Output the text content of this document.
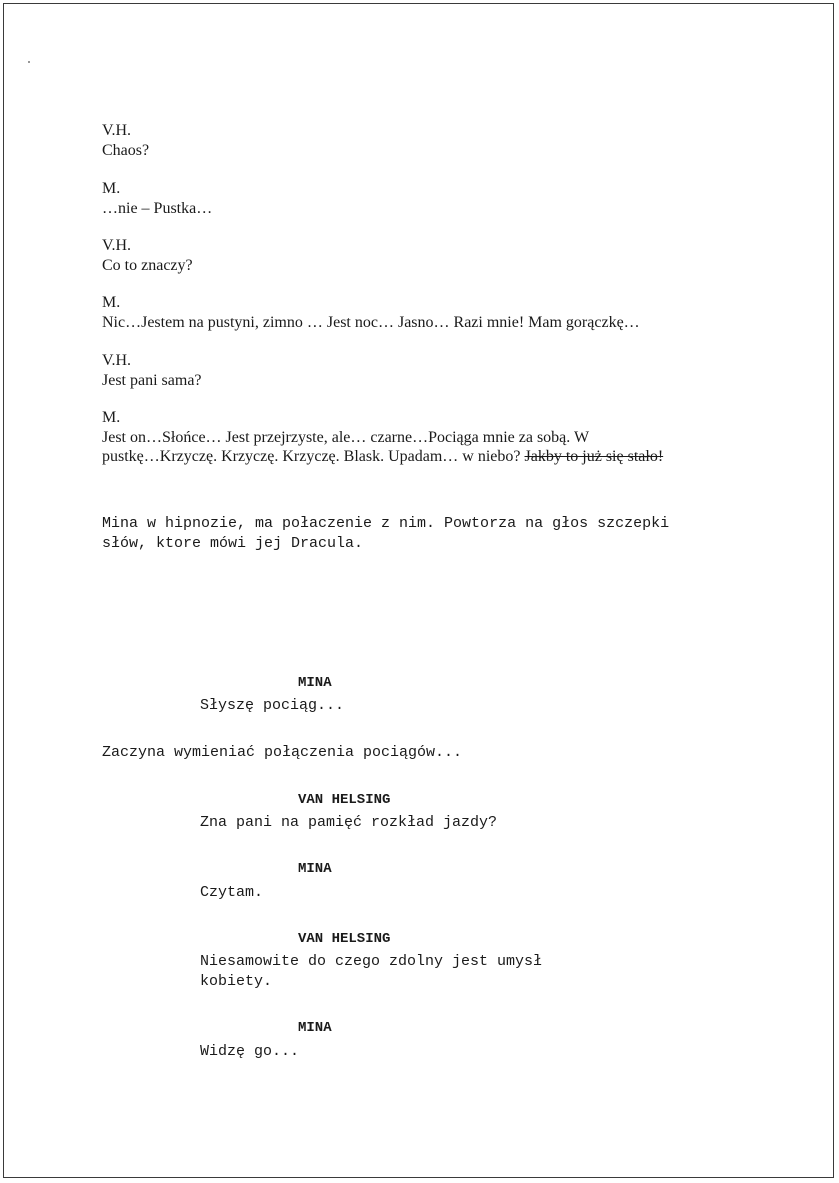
V.H.
Chaos?
M.
…nie – Pustka…
V.H.
Co to znaczy?
M.
Nic…Jestem na pustyni, zimno … Jest noc… Jasno… Razi mnie! Mam gorączkę…
V.H.
Jest pani sama?
M.
Jest on…Słońce… Jest przejrzyste, ale… czarne…Pociąga mnie za sobą. W
pustkę…Krzyczę. Krzyczę. Krzyczę. Blask. Upadam… w niebo? Jakby to już się stało!
Mina w hipnozie, ma połaczenie z nim. Powtorza na głos szczepki
słów, ktore mówi jej Dracula.
MINA
Słyszę pociąg...
Zaczyna wymieniać połączenia pociągów...
VAN HELSING
Zna pani na pamięć rozkład jazdy?
MINA
Czytam.
VAN HELSING
Niesamowite do czego zdolny jest umysł
kobiety.
MINA
Widzę go...
